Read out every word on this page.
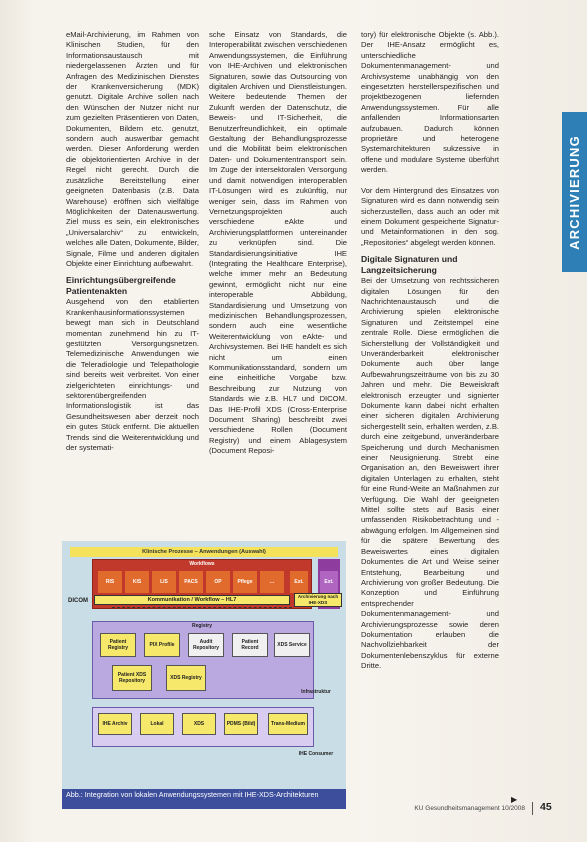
ARCHIVIERUNG

eMail-Archivierung, im Rahmen von Klinischen Studien, für den Informationsaustausch mit niedergelassenen Ärzten und für Anfragen des Medizinischen Dienstes der Krankenversicherung (MDK) genutzt. Digitale Archive sollen nach den Wünschen der Nutzer nicht nur zum gezielten Präsentieren von Daten, Dokumenten, Bildern etc. genutzt, sondern auch auswertbar gemacht werden. Dieser Anforderung werden die objektorientierten Archive in der Regel nicht gerecht. Durch die zusätzliche Bereitstellung einer geeigneten Datenbasis (z.B. Data Warehouse) eröffnen sich vielfältige Möglichkeiten der Datenauswertung. Ziel muss es sein, ein elektronisches „Universalarchiv“ zu entwickeln, welches alle Daten, Dokumente, Bilder, Signale, Filme und anderen digitalen Objekte einer Einrichtung aufbewahrt.

Einrichtungsübergreifende Patientenakten

Ausgehend von den etablierten Krankenhausinformationssystemen bewegt man sich in Deutschland momentan zunehmend hin zu IT-gestützten Versorgungsnetzen. Telemedizinische Anwendungen wie die Teleradiologie und Telepathologie sind bereits weit verbreitet. Von einer zielgerichteten einrichtungs- und sektorenübergreifenden Informationslogistik ist das Gesundheitswesen aber derzeit noch ein gutes Stück entfernt. Die aktuellen Trends sind die Weiterentwicklung und der systemati-

sche Einsatz von Standards, die Interoperabilität zwischen verschiedenen Anwendungssystemen, die Einführung von IHE-Archiven und elektronischen Signaturen, sowie das Outsourcing von digitalen Archiven und Dienstleistungen. Weitere bedeutende Themen der Zukunft werden der Datenschutz, die Beweis- und IT-Sicherheit, die Benutzerfreundlichkeit, ein optimale Gestaltung der Behandlungsprozesse und die Mobilität beim elektronischen Daten- und Dokumententransport sein. Im Zuge der intersektoralen Versorgung und damit notwendigen interoperablen IT-Lösungen wird es zukünftig, nur weniger sein, dass im Rahmen von Vernetzungsprojekten auch verschiedene eAkte und Archivierungsplattformen untereinander zu verknüpfen sind. Die Standardisierungsinitiative IHE (Integrating the Healthcare Enterprise), welche immer mehr an Bedeutung gewinnt, ermöglicht nicht nur eine interoperable Abbildung, Standardisierung und Umsetzung von medizinischen Behandlungsprozessen, sondern auch eine wesentliche Weiterentwicklung von eAkte- und Archivsystemen. Bei IHE handelt es sich nicht um einen Kommunikationsstandard, sondern um eine einheitliche Vorgabe bzw. Beschreibung zur Nutzung von Standards wie z.B. HL7 und DICOM. Das IHE-Profil XDS (Cross-Enterprise Document Sharing) beschreibt zwei verschiedene Rollen (Document Registry) und einem Ablagesystem (Document Reposi-

tory) für elektronische Objekte (s. Abb.). Der IHE-Ansatz ermöglicht es, unterschiedliche Dokumentenmanagement- und Archivsysteme unabhängig von den eingesetzten herstellerspezifischen und projektbezogenen liefernden Anwendungssystemen. Für alle anfallenden Informationsarten aufzubauen. Dadurch können proprietäre und heterogene Systemarchitekturen sukzessive in offene und modulare Systeme überführt werden.

Vor dem Hintergrund des Einsatzes von Signaturen wird es dann notwendig sein sicherzustellen, dass auch an oder mit einem Dokument gespeicherte Signatur- und Metainformationen in den sog. „Repositories“ abgelegt werden können.

Digitale Signaturen und Langzeitsicherung

Bei der Umsetzung von rechtssicheren digitalen Lösungen für den Nachrichtenaustausch und die Archivierung spielen elektronische Signaturen und Zeitstempel eine zentrale Rolle. Diese ermöglichen die Sicherstellung der Vollständigkeit und Unveränderbarkeit elektronischer Dokumente auch über lange Aufbewahrungszeiträume von bis zu 30 Jahren und mehr. Die Beweiskraft elektronisch erzeugter und signierter Dokumente kann dabei nicht erhalten einer sicheren digitalen Archivierung sichergestellt sein, erhalten werden, z.B. durch eine zeitgebund, unveränderbare Speicherung und durch Mechanismen einer Neusignierung. Strebt eine Organisation an, den Beweiswert ihrer digitalen Unterlagen zu erhalten, steht für eine Rund-Weite an Maßnahmen zur Verfügung. Die Wahl der geeigneten Mittel sollte stets auf Basis einer umfassenden Risikobetrachtung und -abwägung erfolgen. Im Allgemeinen sind für die spätere Bewertung des Beweiswertes eines digitalen Dokumentes die Art und Weise seiner Entstehung, Bearbeitung und Archivierung von großer Bedeutung. Die Konzeption und Einführung entsprechender Dokumentenmanagement- und Archivierungsprozesse sowie deren Dokumentation erlauben die Nachvollziehbarkeit der Dokumentenlebenszyklus für externe Dritte.

Klinische Prozesse – Anwendungen (Auswahl)
Workflows
RIS	KIS	LIS	PACS	OP	Pflege	…	Ext.	Ext.
DICOM	Kommunikation / Workflow – HL7
Archivierung nach IHE-XDS
Registry
Patient Registry	PIX Profile	Audit Repository
Patient Record	XDS Service
Patient XDS Repository	XDS Registry
Infrastruktur
IHE Archiv	Lokal	XDS	PDMS (Bild)	Trans-Medium
IHE Consumer
Abb.: Integration von lokalen Anwendungssystemen mit IHE-XDS-Architekturen
▶
KU Gesundheitsmanagement 10/2008 45
